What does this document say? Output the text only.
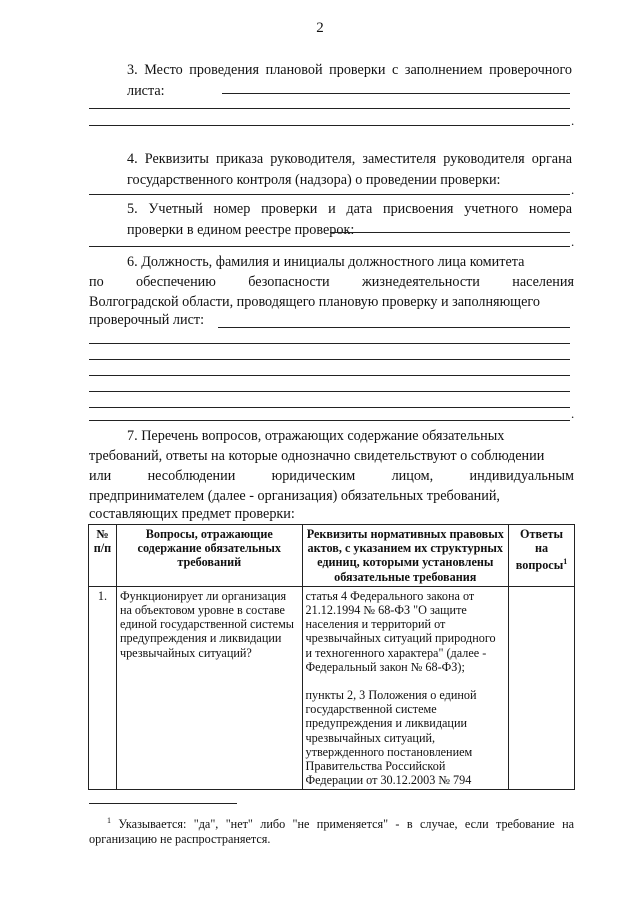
2
3. Место проведения плановой проверки с заполнением проверочного листа:
.
4. Реквизиты приказа руководителя, заместителя руководителя органа государственного контроля (надзора) о проведении проверки:
.
5. Учетный номер проверки и дата присвоения учетного номера проверки в едином реестре проверок:
.
6. Должность, фамилия и инициалы должностного лица комитета
по обеспечению безопасности жизнедеятельности населения
Волгоградской области, проводящего плановую проверку и заполняющего
проверочный лист:
.
7. Перечень вопросов, отражающих содержание обязательных
требований, ответы на которые однозначно свидетельствуют о соблюдении
или	несоблюдении	юридическим	лицом,	индивидуальным
предпринимателем (далее - организация) обязательных требований,
составляющих предмет проверки:
№ п/п	Вопросы, отражающие содержание обязательных требований	Реквизиты нормативных правовых актов, с указанием их структурных единиц, которыми установлены обязательные требования	Ответы на вопросы$^1$
1.	Функционирует ли организация на объектовом уровне в составе единой государственной системы предупреждения и ликвидации чрезвычайных ситуаций?	статья 4 Федерального закона от 21.12.1994 № 68-ФЗ "О защите населения и территорий от чрезвычайных ситуаций природного и техногенного характера" (далее - Федеральный закон № 68-ФЗ);
пункты 2, 3 Положения о единой государственной системе предупреждения и ликвидации чрезвычайных ситуаций, утвержденного постановлением Правительства Российской Федерации от 30.12.2003 № 794	

$^1$ Указывается: "да", "нет" либо "не применяется" - в случае, если требование на организацию не распространяется.
